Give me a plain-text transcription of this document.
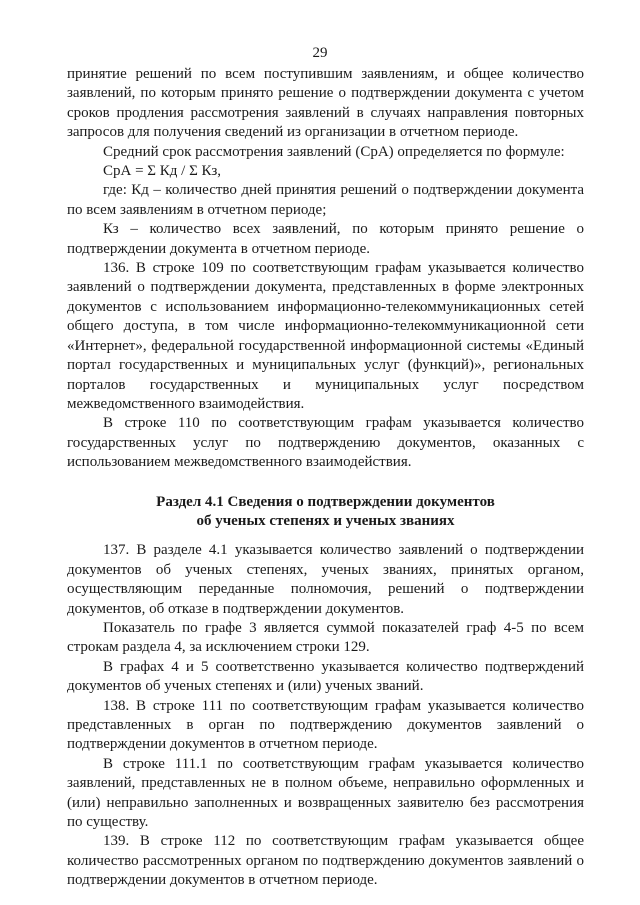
29

принятие решений по всем поступившим заявлениям, и общее количество заявлений, по которым принято решение о подтверждении документа с учетом сроков продления рассмотрения заявлений в случаях направления повторных запросов для получения сведений из организации в отчетном периоде.

Средний срок рассмотрения заявлений (СрА) определяется по формуле:

СрА = Σ Кд / Σ Кз,

где: Кд – количество дней принятия решений о подтверждении документа по всем заявлениям в отчетном периоде;

Кз – количество всех заявлений, по которым принято решение о подтверждении документа в отчетном периоде.

136. В строке 109 по соответствующим графам указывается количество заявлений о подтверждении документа, представленных в форме электронных документов с использованием информационно-телекоммуникационных сетей общего доступа, в том числе информационно-телекоммуникационной сети «Интернет», федеральной государственной информационной системы «Единый портал государственных и муниципальных услуг (функций)», региональных порталов государственных и муниципальных услуг посредством межведомственного взаимодействия.

В строке 110 по соответствующим графам указывается количество государственных услуг по подтверждению документов, оказанных с использованием межведомственного взаимодействия.

Раздел 4.1 Сведения о подтверждении документов
об ученых степенях и ученых званиях

137. В разделе 4.1 указывается количество заявлений о подтверждении документов об ученых степенях, ученых званиях, принятых органом, осуществляющим переданные полномочия, решений о подтверждении документов, об отказе в подтверждении документов.

Показатель по графе 3 является суммой показателей граф 4-5 по всем строкам раздела 4, за исключением строки 129.

В графах 4 и 5 соответственно указывается количество подтверждений документов об ученых степенях и (или) ученых званий.

138. В строке 111 по соответствующим графам указывается количество представленных в орган по подтверждению документов заявлений о подтверждении документов в отчетном периоде.

В строке 111.1 по соответствующим графам указывается количество заявлений, представленных не в полном объеме, неправильно оформленных и (или) неправильно заполненных и возвращенных заявителю без рассмотрения по существу.

139. В строке 112 по соответствующим графам указывается общее количество рассмотренных органом по подтверждению документов заявлений о подтверждении документов в отчетном периоде.
